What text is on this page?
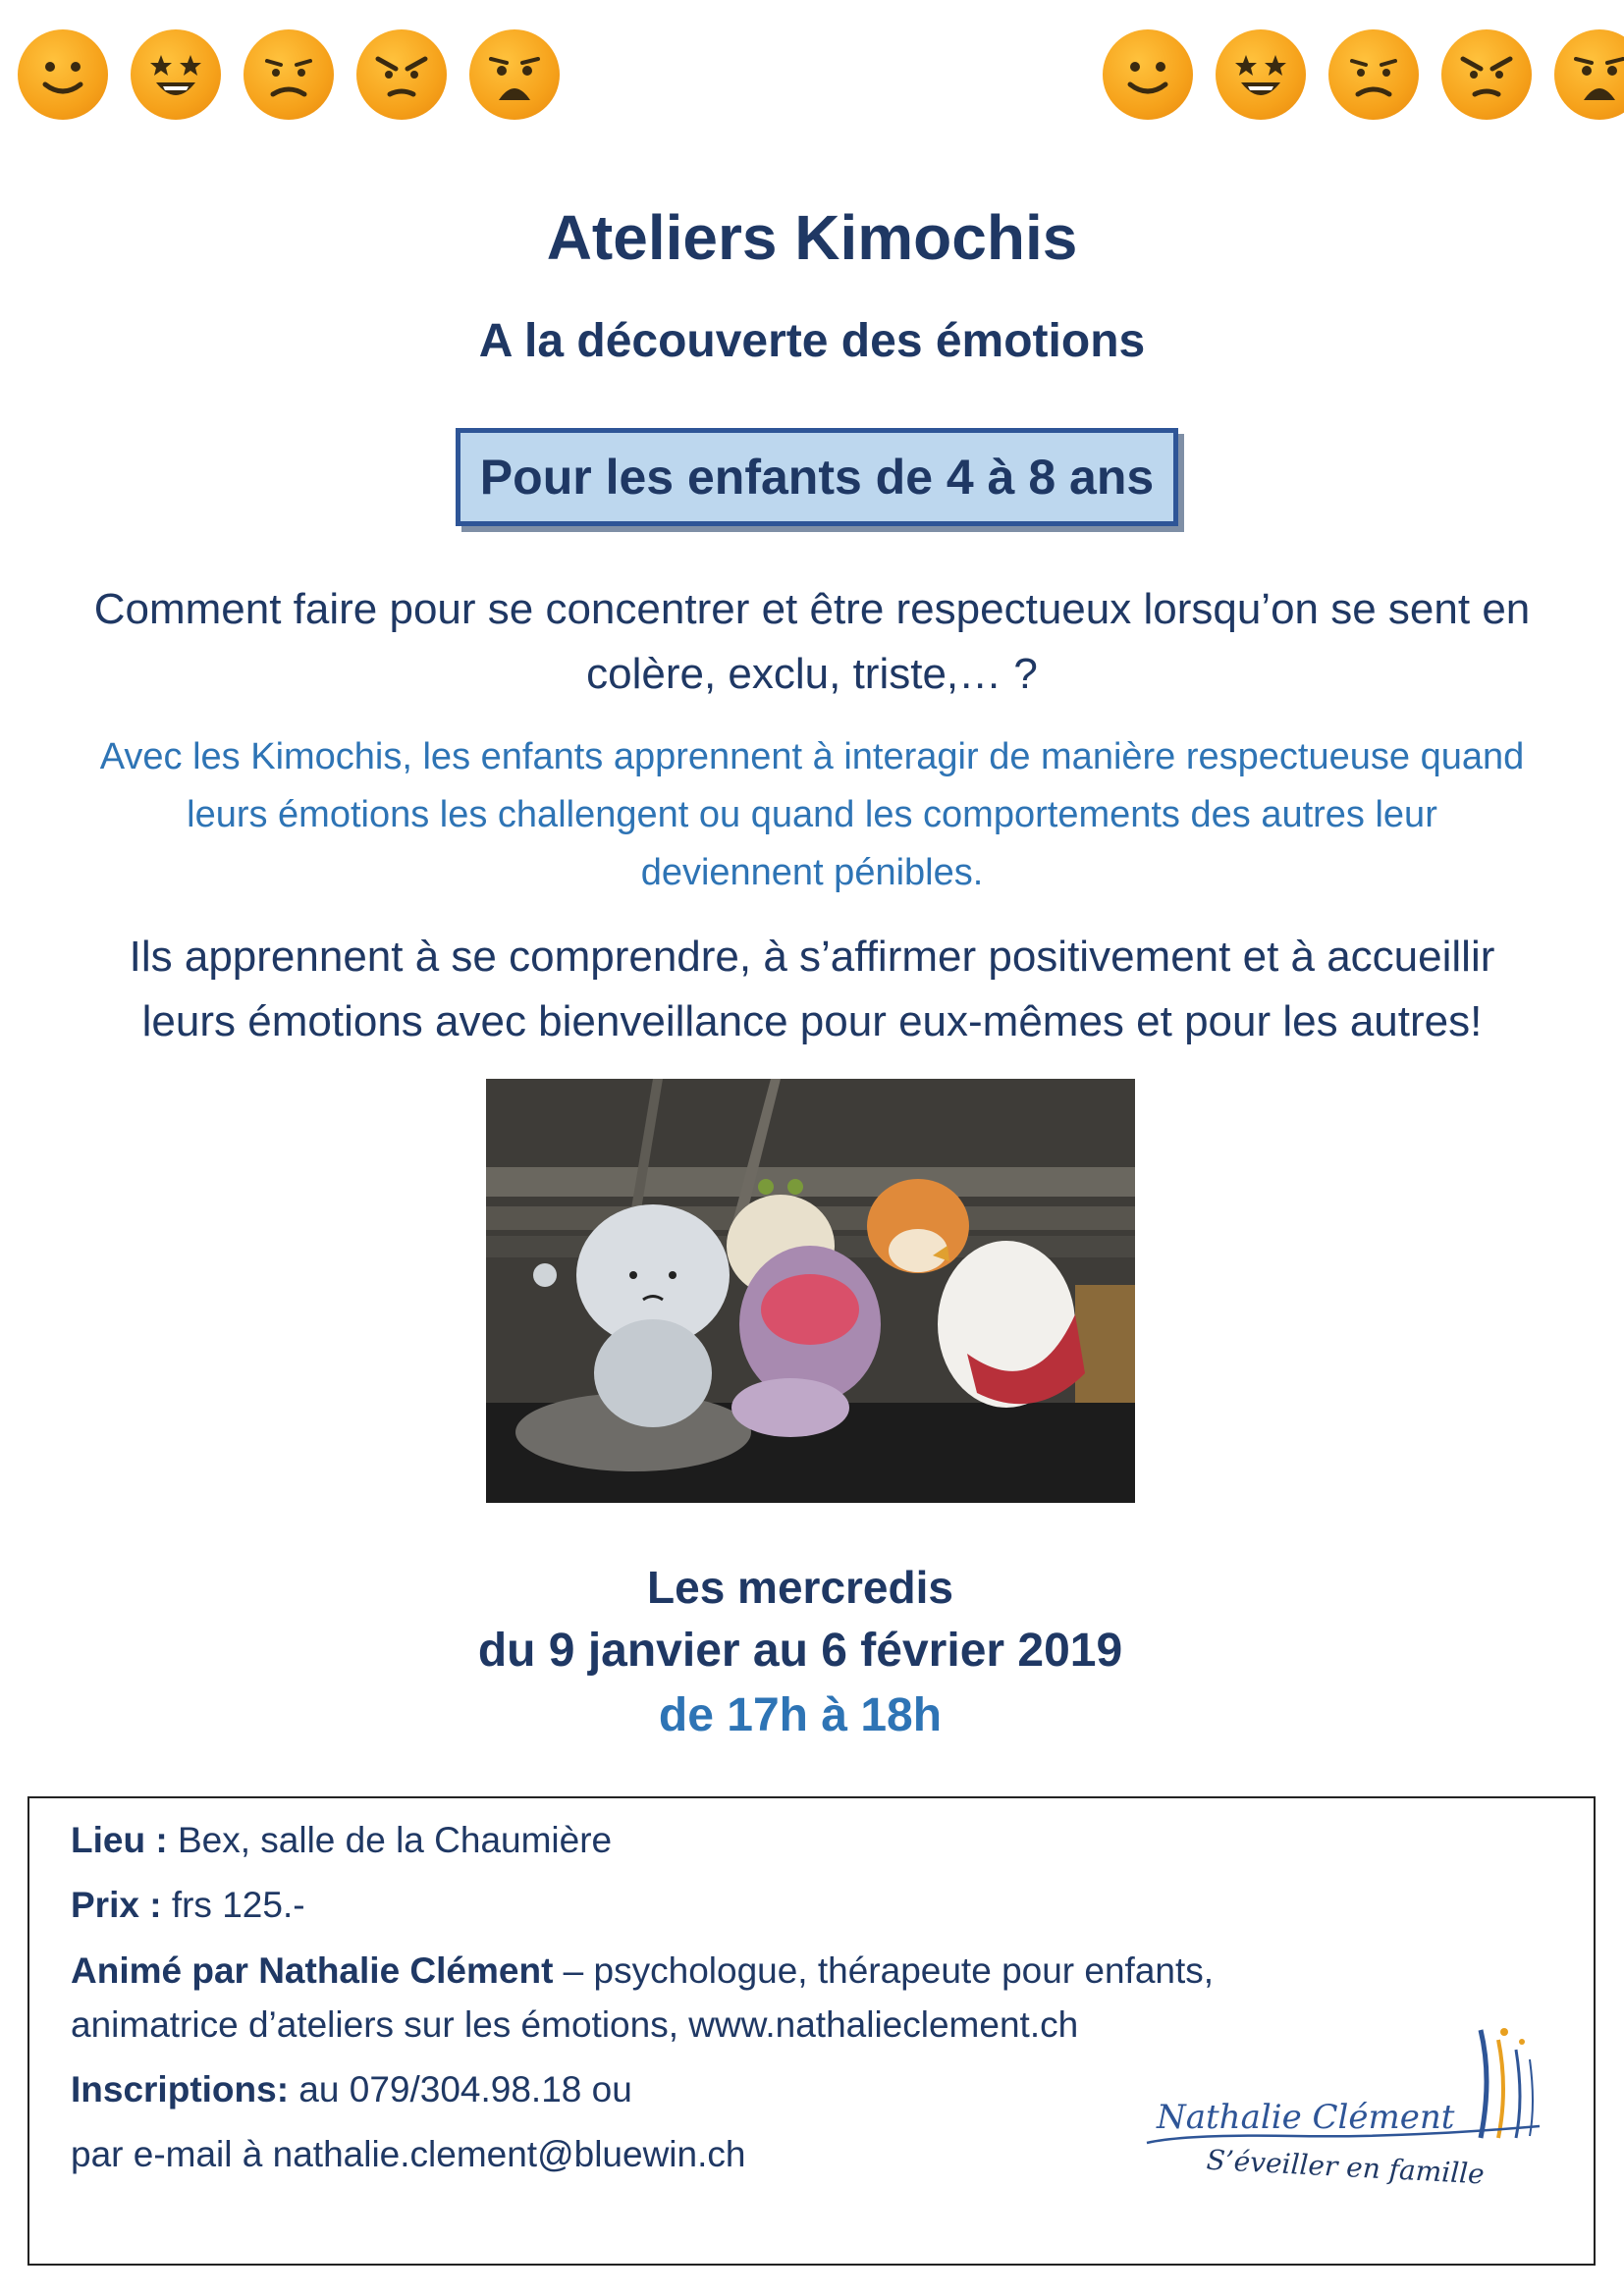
Ateliers Kimochis
A la découverte des émotions
Pour les enfants de 4 à 8 ans
Comment faire pour se concentrer et être respectueux lorsqu’on se sent en
colère, exclu, triste,… ?
Avec les Kimochis, les enfants apprennent à interagir de manière respectueuse quand
leurs émotions les challengent ou quand les comportements des autres leur
deviennent pénibles.
Ils apprennent à se comprendre, à s’affirmer positivement et à accueillir
leurs émotions avec bienveillance pour eux-mêmes et pour les autres!
Les mercredis
du 9 janvier au 6 février 2019
de 17h à 18h
Lieu : Bex, salle de la Chaumière
Prix : frs 125.-
Animé par Nathalie Clément – psychologue, thérapeute pour enfants,
animatrice d’ateliers sur les émotions, www.nathalieclement.ch
Inscriptions: au 079/304.98.18 ou
par e-mail à nathalie.clement@bluewin.ch
Nathalie Clément
S’éveiller en famille
